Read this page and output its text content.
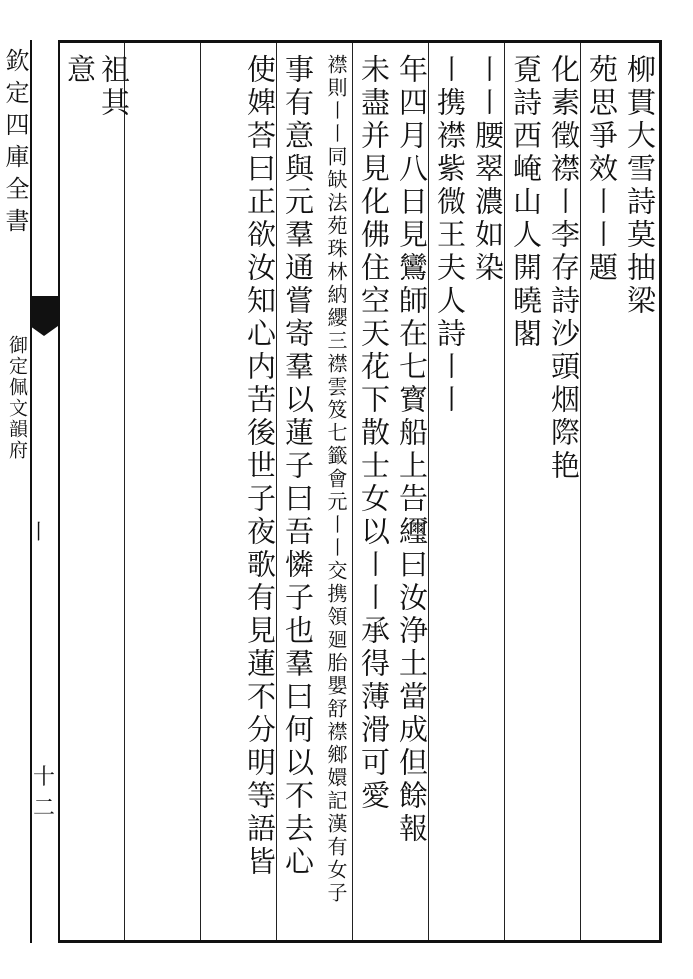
欽定四庫全書
御定佩文韻府
〡
十二
柳貫大雪詩莫抽梁
苑思爭效〡〡題
化素徵襟〡李存詩沙頭烟際艳
覔詩西崦山人開曉閣
〡〡腰翠濃如染
〡携襟紫微王夫人詩〡〡
年四月八日見鸞師在七寳船上告䌳曰汝浄土當成但餘報
未盡并見化佛住空天花下散士女以〡〡承得薄滑可愛
襟則〡〡同缺法苑珠林納纓三襟雲笈七籤會元〡〡交携領廻胎嬰舒襟鄉嬛記漢有女子
事有意與元羣通嘗寄羣以蓮子曰吾憐子也羣曰何以不去心
使婢荅曰正欲汝知心内苦後世子夜歌有見蓮不分明等語皆
祖其
意
